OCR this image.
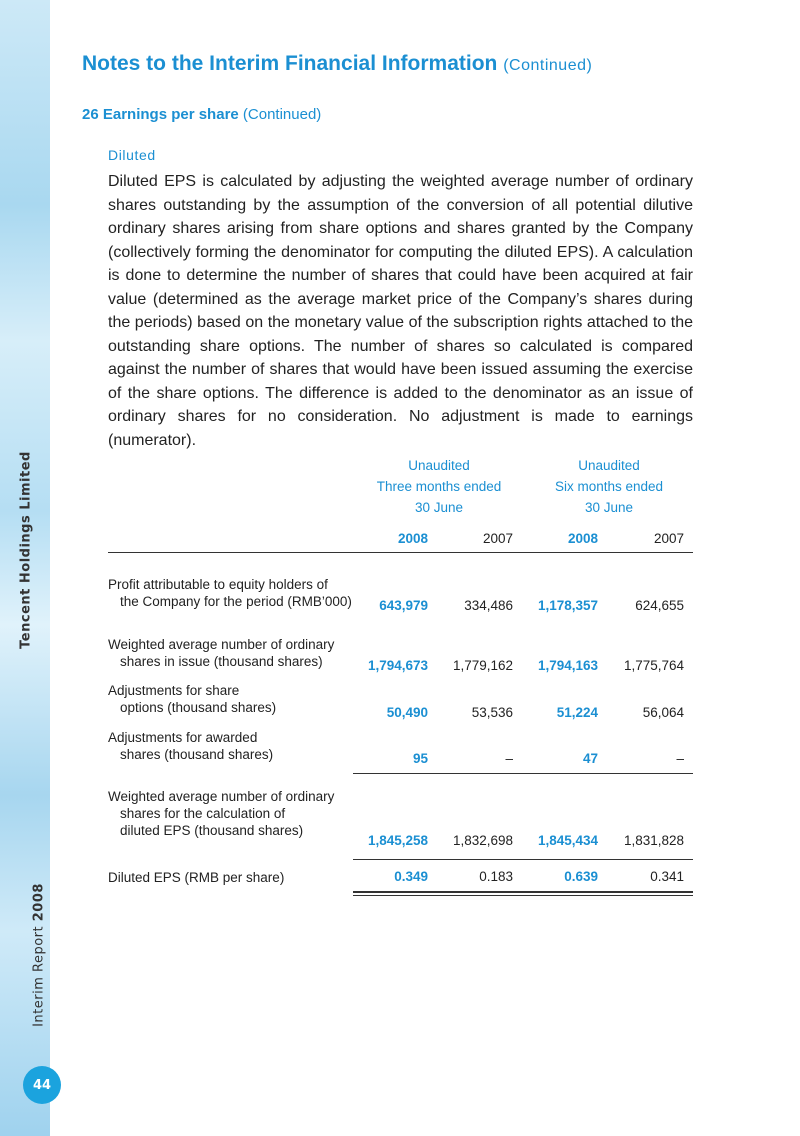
Tencent Holdings Limited
Interim Report 2008
44
Notes to the Interim Financial Information (Continued)
26 Earnings per share (Continued)
Diluted
Diluted EPS is calculated by adjusting the weighted average number of ordinary shares outstanding by the assumption of the conversion of all potential dilutive ordinary shares arising from share options and shares granted by the Company (collectively forming the denominator for computing the diluted EPS). A calculation is done to determine the number of shares that could have been acquired at fair value (determined as the average market price of the Company’s shares during the periods) based on the monetary value of the subscription rights attached to the outstanding share options. The number of shares so calculated is compared against the number of shares that would have been issued assuming the exercise of the share options. The difference is added to the denominator as an issue of ordinary shares for no consideration. No adjustment is made to earnings (numerator).
Unaudited
Three months ended
30 June
Unaudited
Six months ended
30 June
2008	2007	2008	2007
Profit attributable to equity holders of
the Company for the period (RMB’000)	643,979	334,486	1,178,357	624,655
Weighted average number of ordinary
shares in issue (thousand shares)	1,794,673	1,779,162	1,794,163	1,775,764
Adjustments for share
options (thousand shares)	50,490	53,536	51,224	56,064
Adjustments for awarded
shares (thousand shares)	95	–	47	–
Weighted average number of ordinary
shares for the calculation of
diluted EPS (thousand shares)
1,845,258	1,832,698	1,845,434	1,831,828
Diluted EPS (RMB per share)	0.349	0.183	0.639	0.341
